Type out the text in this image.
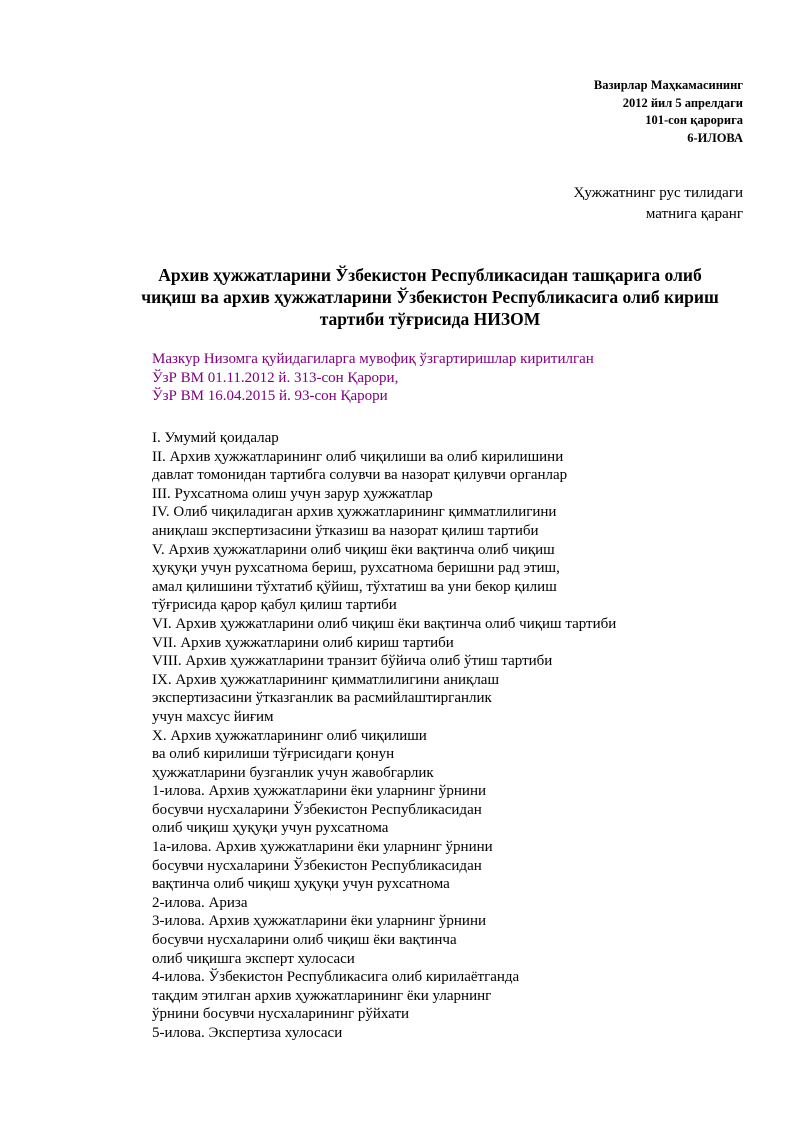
Вазирлар Маҳкамасининг
2012 йил 5 апрелдаги
101-сон қарорига
6-ИЛОВА
Ҳужжатнинг рус тилидаги
матнига қаранг
Архив ҳужжатларини Ўзбекистон Республикасидан ташқарига олиб
чиқиш ва архив ҳужжатларини Ўзбекистон Республикасига олиб кириш
тартиби тўғрисида НИЗОМ
Мазкур Низомга қуйидагиларга мувофиқ ўзгартиришлар киритилган
ЎзР ВМ 01.11.2012 й. 313-сон Қарори,
ЎзР ВМ 16.04.2015 й. 93-сон Қарори
I. Умумий қоидалар
II. Архив ҳужжатларининг олиб чиқилиши ва олиб кирилишини
давлат томонидан тартибга солувчи ва назорат қилувчи органлар
III. Рухсатнома олиш учун зарур ҳужжатлар
IV. Олиб чиқиладиган архив ҳужжатларининг қимматлилигини
аниқлаш экспертизасини ўтказиш ва назорат қилиш тартиби
V. Архив ҳужжатларини олиб чиқиш ёки вақтинча олиб чиқиш
ҳуқуқи учун рухсатнома бериш, рухсатнома беришни рад этиш,
амал қилишини тўхтатиб қўйиш, тўхтатиш ва уни бекор қилиш
тўғрисида қарор қабул қилиш тартиби
VI. Архив ҳужжатларини олиб чиқиш ёки вақтинча олиб чиқиш тартиби
VII. Архив ҳужжатларини олиб кириш тартиби
VIII. Архив ҳужжатларини транзит бўйича олиб ўтиш тартиби
IX. Архив ҳужжатларининг қимматлилигини аниқлаш
экспертизасини ўтказганлик ва расмийлаштирганлик
учун махсус йиғим
X. Архив ҳужжатларининг олиб чиқилиши
ва олиб кирилиши тўғрисидаги қонун
ҳужжатларини бузганлик учун жавобгарлик
1-илова. Архив ҳужжатларини ёки уларнинг ўрнини
босувчи нусхаларини Ўзбекистон Республикасидан
олиб чиқиш ҳуқуқи учун рухсатнома
1а-илова. Архив ҳужжатларини ёки уларнинг ўрнини
босувчи нусхаларини Ўзбекистон Республикасидан
вақтинча олиб чиқиш ҳуқуқи учун рухсатнома
2-илова. Ариза
3-илова. Архив ҳужжатларини ёки уларнинг ўрнини
босувчи нусхаларини олиб чиқиш ёки вақтинча
олиб чиқишга эксперт хулосаси
4-илова. Ўзбекистон Республикасига олиб кирилаётганда
тақдим этилган архив ҳужжатларининг ёки уларнинг
ўрнини босувчи нусхаларининг рўйхати
5-илова. Экспертиза хулосаси
